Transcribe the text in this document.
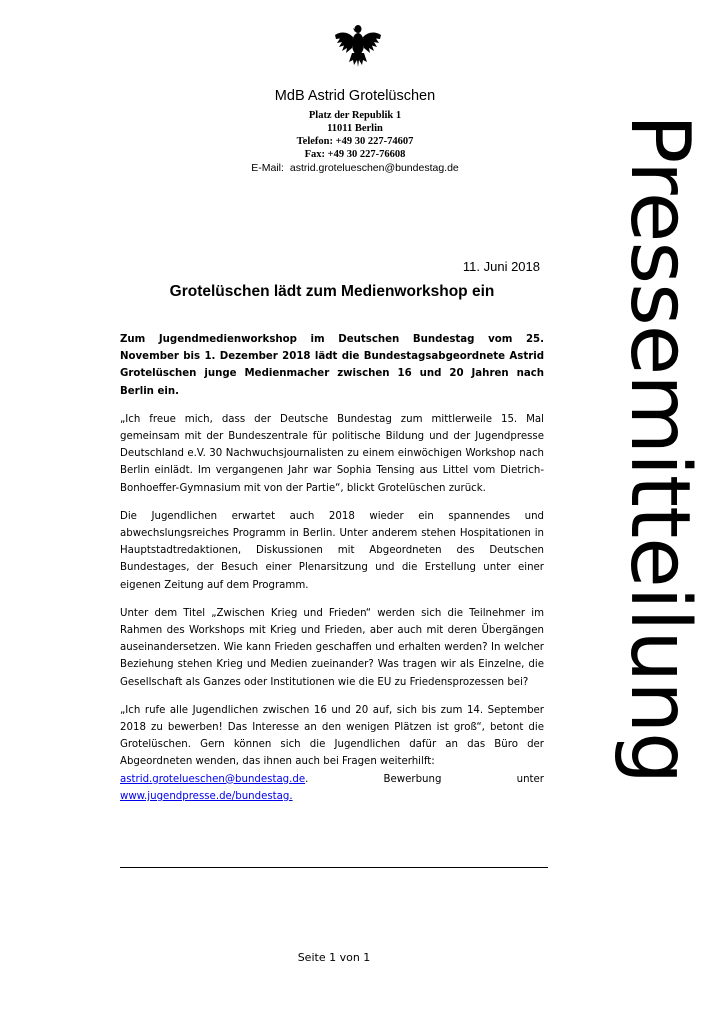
MdB Astrid Grotelüschen
Platz der Republik 1
11011 Berlin
Telefon: +49 30 227-74607
Fax: +49 30 227-76608
E-Mail: astrid.grotelueschen@bundestag.de
11. Juni 2018
Grotelüschen lädt zum Medienworkshop ein

Zum Jugendmedienworkshop im Deutschen Bundestag vom 25. November bis 1. Dezember 2018 lädt die Bundestagsabgeordnete Astrid Grotelüschen junge Medienmacher zwischen 16 und 20 Jahren nach Berlin ein.

„Ich freue mich, dass der Deutsche Bundestag zum mittlerweile 15. Mal gemeinsam mit der Bundeszentrale für politische Bildung und der Jugendpresse Deutschland e.V. 30 Nachwuchsjournalisten zu einem einwöchigen Workshop nach Berlin einlädt. Im vergangenen Jahr war Sophia Tensing aus Littel vom Dietrich-Bonhoeffer-Gymnasium mit von der Partie“, blickt Grotelüschen zurück.

Die Jugendlichen erwartet auch 2018 wieder ein spannendes und abwechslungsreiches Programm in Berlin. Unter anderem stehen Hospitationen in Hauptstadtredaktionen, Diskussionen mit Abgeordneten des Deutschen Bundestages, der Besuch einer Plenarsitzung und die Erstellung unter einer eigenen Zeitung auf dem Programm.

Unter dem Titel „Zwischen Krieg und Frieden“ werden sich die Teilnehmer im Rahmen des Workshops mit Krieg und Frieden, aber auch mit deren Übergängen auseinandersetzen. Wie kann Frieden geschaffen und erhalten werden? In welcher Beziehung stehen Krieg und Medien zueinander? Was tragen wir als Einzelne, die Gesellschaft als Ganzes oder Institutionen wie die EU zu Friedensprozessen bei?

„Ich rufe alle Jugendlichen zwischen 16 und 20 auf, sich bis zum 14. September 2018 zu bewerben! Das Interesse an den wenigen Plätzen ist groß“, betont die Grotelüschen. Gern können sich die Jugendlichen dafür an das Büro der Abgeordneten wenden, das ihnen auch bei Fragen weiterhilft:
astrid.grotelueschen@bundestag.de.	Bewerbung	unter
www.jugendpresse.de/bundestag.

Seite 1 von 1
Pressemitteilung
